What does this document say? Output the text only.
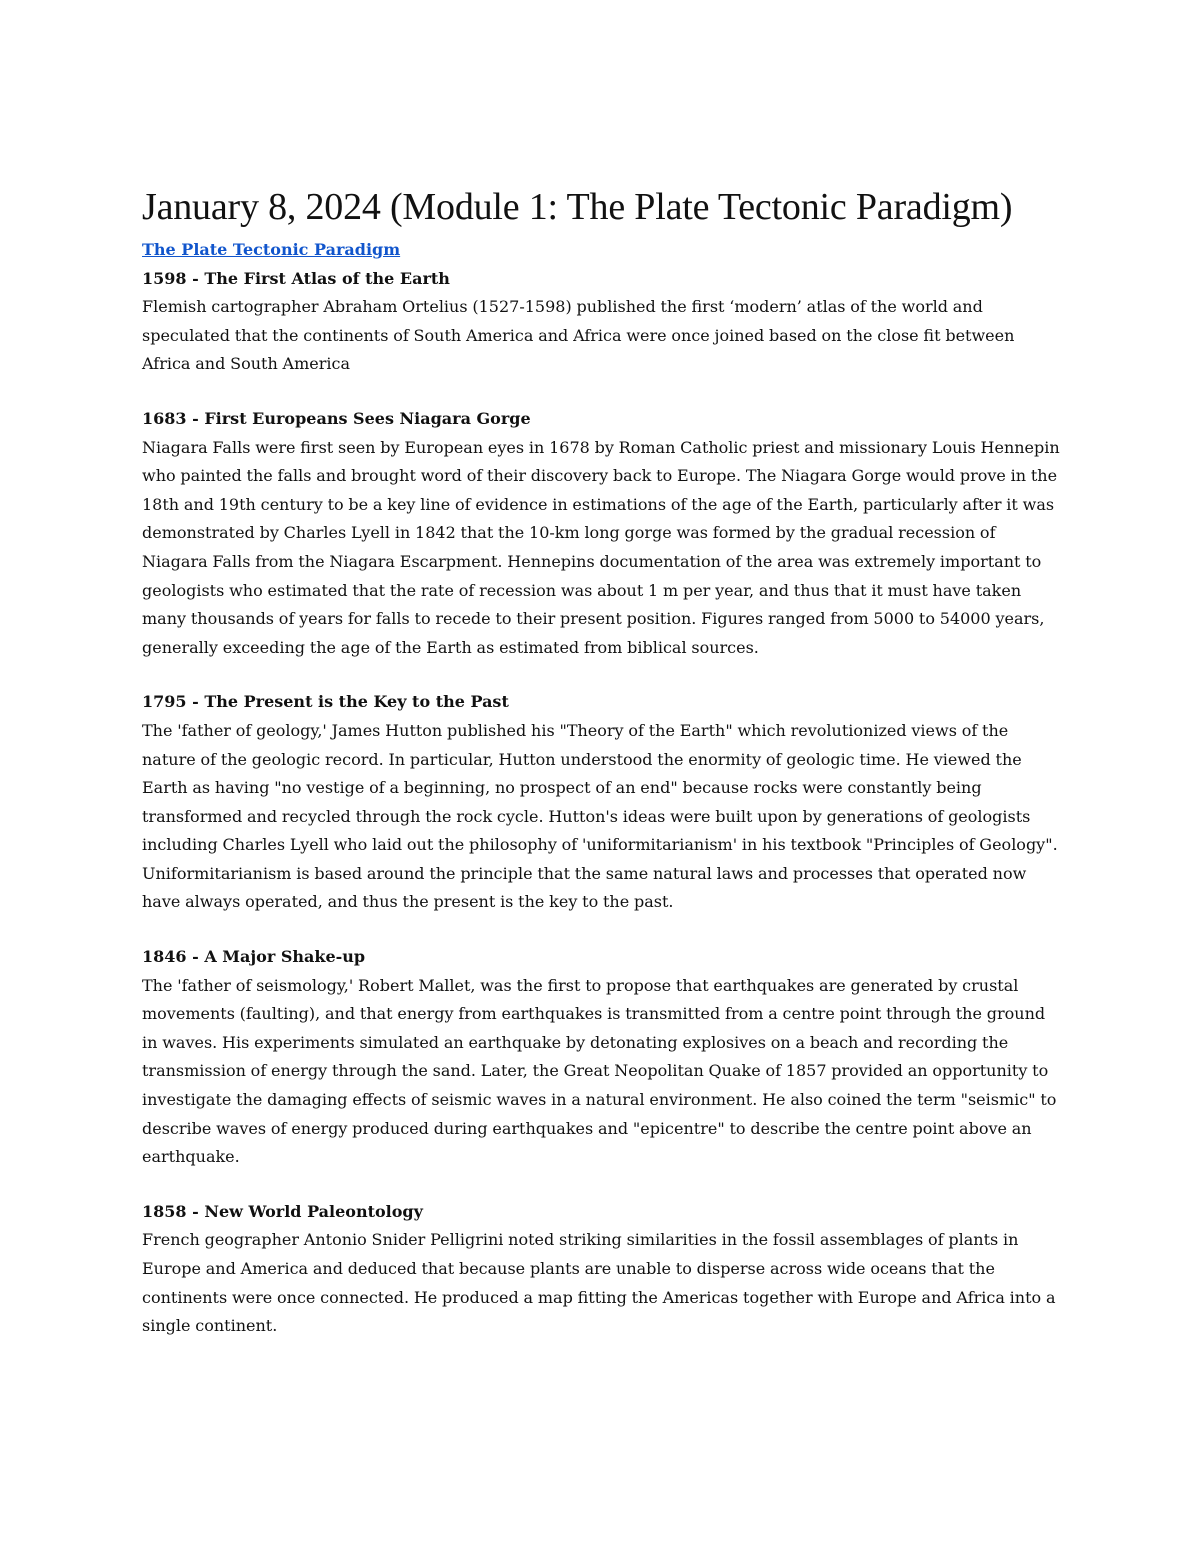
January 8, 2024 (Module 1: The Plate Tectonic Paradigm)
The Plate Tectonic Paradigm

1598 - The First Atlas of the Earth

Flemish cartographer Abraham Ortelius (1527-1598) published the first ‘modern’ atlas of the world and speculated that the continents of South America and Africa were once joined based on the close fit between Africa and South America

1683 - First Europeans Sees Niagara Gorge

Niagara Falls were first seen by European eyes in 1678 by Roman Catholic priest and missionary Louis Hennepin who painted the falls and brought word of their discovery back to Europe. The Niagara Gorge would prove in the 18th and 19th century to be a key line of evidence in estimations of the age of the Earth, particularly after it was demonstrated by Charles Lyell in 1842 that the 10-km long gorge was formed by the gradual recession of Niagara Falls from the Niagara Escarpment. Hennepins documentation of the area was extremely important to geologists who estimated that the rate of recession was about 1 m per year, and thus that it must have taken many thousands of years for falls to recede to their present position. Figures ranged from 5000 to 54000 years, generally exceeding the age of the Earth as estimated from biblical sources.

1795 - The Present is the Key to the Past

The 'father of geology,' James Hutton published his "Theory of the Earth" which revolutionized views of the nature of the geologic record. In particular, Hutton understood the enormity of geologic time. He viewed the Earth as having "no vestige of a beginning, no prospect of an end" because rocks were constantly being transformed and recycled through the rock cycle. Hutton's ideas were built upon by generations of geologists including Charles Lyell who laid out the philosophy of 'uniformitarianism' in his textbook "Principles of Geology". Uniformitarianism is based around the principle that the same natural laws and processes that operated now have always operated, and thus the present is the key to the past.

1846 - A Major Shake-up

The 'father of seismology,' Robert Mallet, was the first to propose that earthquakes are generated by crustal movements (faulting), and that energy from earthquakes is transmitted from a centre point through the ground in waves. His experiments simulated an earthquake by detonating explosives on a beach and recording the transmission of energy through the sand. Later, the Great Neopolitan Quake of 1857 provided an opportunity to investigate the damaging effects of seismic waves in a natural environment. He also coined the term "seismic" to describe waves of energy produced during earthquakes and "epicentre" to describe the centre point above an earthquake.

1858 - New World Paleontology

French geographer Antonio Snider Pelligrini noted striking similarities in the fossil assemblages of plants in Europe and America and deduced that because plants are unable to disperse across wide oceans that the continents were once connected. He produced a map fitting the Americas together with Europe and Africa into a single continent.
